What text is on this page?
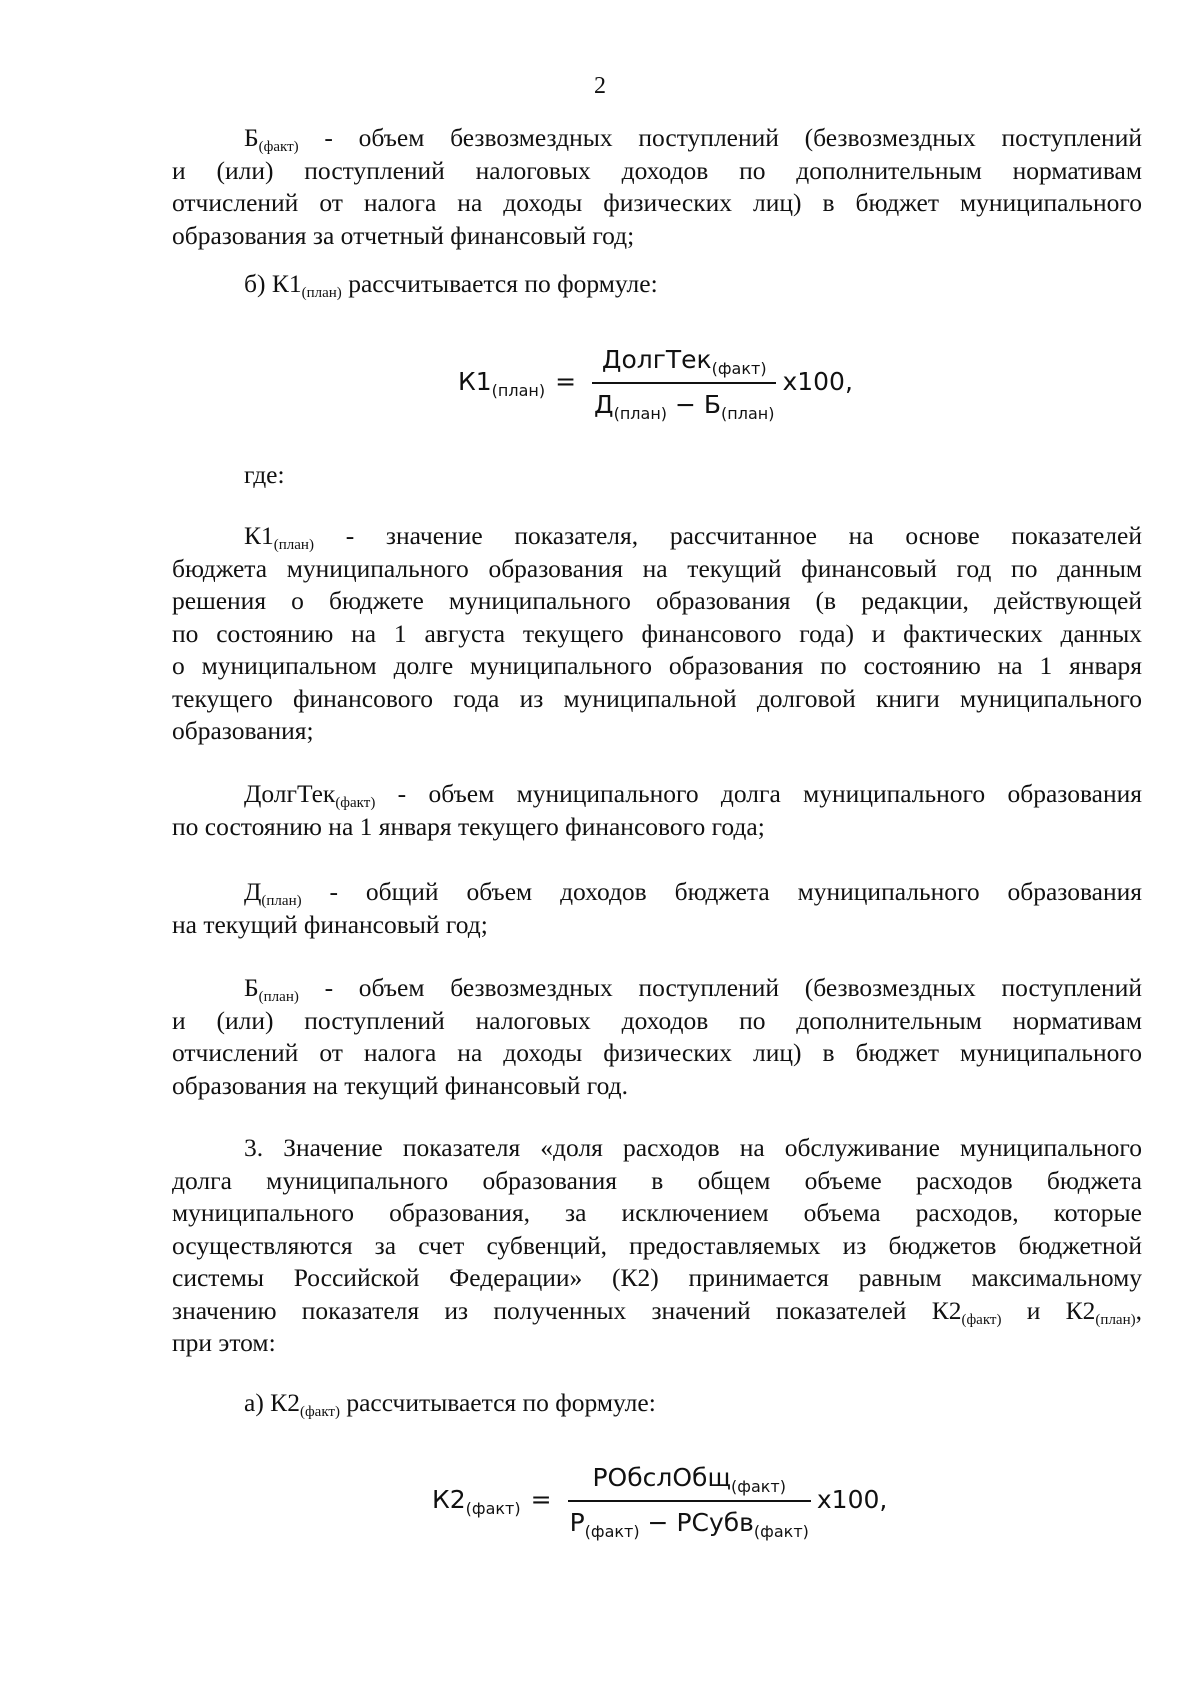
2
$Б_{(факт)}$ - объем безвозмездных поступлений (безвозмездных поступлений
и (или) поступлений налоговых доходов по дополнительным нормативам
отчислений от налога на доходы физических лиц) в бюджет муниципального
образования за отчетный финансовый год;
б) $К1_{(план)}$ рассчитывается по формуле:
$К1_{(план)} = \frac{ДолгТек_{(факт)}}{Д_{(план)} - Б_{(план)}} х100$,
где:
$К1_{(план)}$ - значение показателя, рассчитанное на основе показателей
бюджета муниципального образования на текущий финансовый год по данным
решения о бюджете муниципального образования (в редакции, действующей
по состоянию на 1 августа текущего финансового года) и фактических данных
о муниципальном долге муниципального образования по состоянию на 1 января
текущего финансового года из муниципальной долговой книги муниципального
образования;
ДолгТек$_{(факт)}$ - объем муниципального долга муниципального образования
по состоянию на 1 января текущего финансового года;
$Д_{(план)}$ - общий объем доходов бюджета муниципального образования
на текущий финансовый год;
$Б_{(план)}$ - объем безвозмездных поступлений (безвозмездных поступлений
и (или) поступлений налоговых доходов по дополнительным нормативам
отчислений от налога на доходы физических лиц) в бюджет муниципального
образования на текущий финансовый год.
3. Значение показателя «доля расходов на обслуживание муниципального
долга муниципального образования в общем объеме расходов бюджета
муниципального образования, за исключением объема расходов, которые
осуществляются за счет субвенций, предоставляемых из бюджетов бюджетной
системы Российской Федерации» (К2) принимается равным максимальному
значению показателя из полученных значений показателей $К2_{(факт)}$ и $К2_{(план)}$,
при этом:
а) $К2_{(факт)}$ рассчитывается по формуле:
$К2_{(факт)} = \frac{РОбслОбщ_{(факт)}}{Р_{(факт)} - РСубв_{(факт)}} х100$,
